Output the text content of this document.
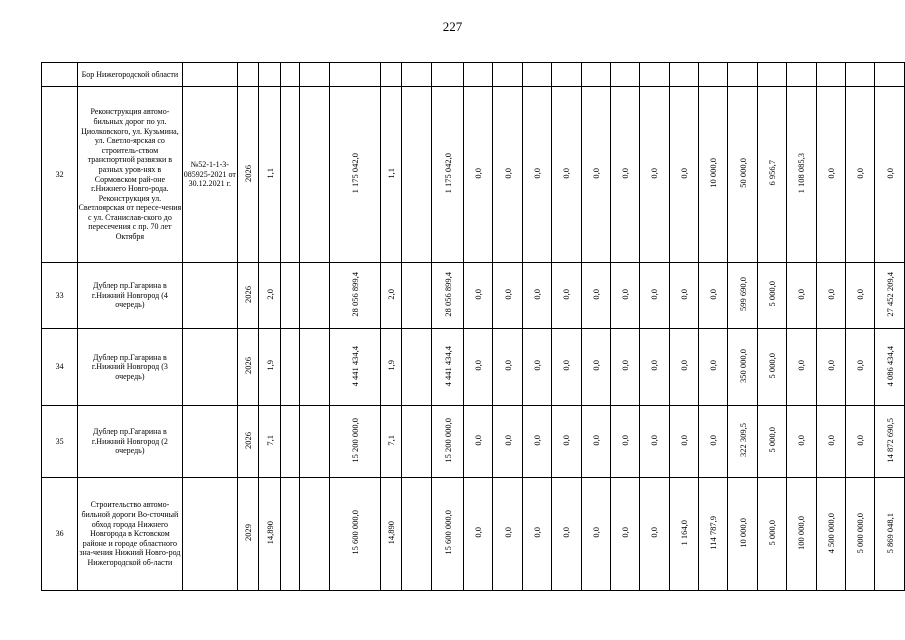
227
	Бор Нижегородской области																								
32	Реконструкция автомо-бильных дорог по ул. Циолковского, ул. Кузьмина, ул. Светло-ярская со строитель-ством транспортной развязки в разных уров-нях в Сормовском рай-оне г.Нижнего Новго-рода. Реконструкция ул. Светлоярская от пересе-чения с ул. Станислав-ского до пересечения с пр. 70 лет Октября	№52-1-1-3-085925-2021 от 30.12.2021 г.	2026	1,1			1 175 042,0	1,1		1 175 042,0	0,0	0,0	0,0	0,0	0,0	0,0	0,0	0,0	10 000,0	50 000,0	6 956,7	1 108 085,3	0,0	0,0	0,0
33	Дублер пр.Гагарина в г.Нижний Новгород (4 очередь)		2026	2,0			28 056 899,4	2,0		28 056 899,4	0,0	0,0	0,0	0,0	0,0	0,0	0,0	0,0	0,0	599 690,0	5 000,0	0,0	0,0	0,0	27 452 209,4
34	Дублер пр.Гагарина в г.Нижний Новгород (3 очередь)		2026	1,9			4 441 434,4	1,9		4 441 434,4	0,0	0,0	0,0	0,0	0,0	0,0	0,0	0,0	0,0	350 000,0	5 000,0	0,0	0,0	0,0	4 086 434,4
35	Дублер пр.Гагарина в г.Нижний Новгород (2 очередь)		2026	7,1			15 200 000,0	7,1		15 200 000,0	0,0	0,0	0,0	0,0	0,0	0,0	0,0	0,0	0,0	322 309,5	5 000,0	0,0	0,0	0,0	14 872 690,5
36	Строительство автомо-бильной дороги Во-сточный обход города Нижнего Новгорода в Кстовском районе и городе областного зна-чения Нижний Новго-род Нижегородской об-ласти		2029	14,890			15 600 000,0	14,890		15 600 000,0	0,0	0,0	0,0	0,0	0,0	0,0	0,0	1 164,0	114 787,9	10 000,0	5 000,0	100 000,0	4 500 000,0	5 000 000,0	5 869 048,1
